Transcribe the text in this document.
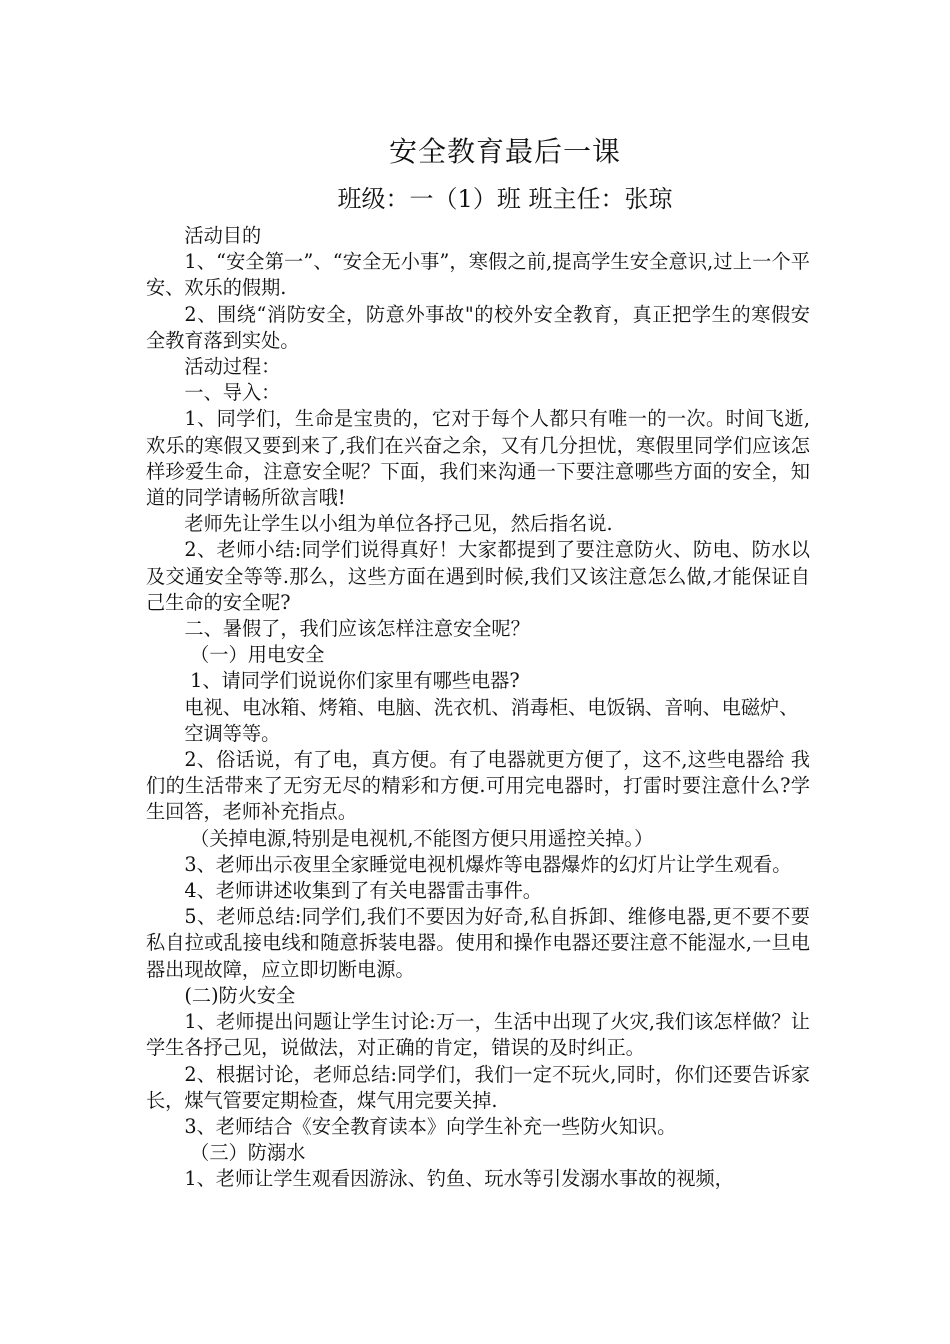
安全教育最后一课
班级：一（1）班 班主任：张琼

活动目的

1、“安全第一”、“安全无小事”，寒假之前,提高学生安全意识,过上一个平安、欢乐的假期.

2、围绕“消防安全，防意外事故"的校外安全教育，真正把学生的寒假安全教育落到实处。

活动过程：

一、导入：

1、同学们，生命是宝贵的，它对于每个人都只有唯一的一次。时间飞逝,欢乐的寒假又要到来了,我们在兴奋之余，又有几分担忧，寒假里同学们应该怎样珍爱生命，注意安全呢？下面，我们来沟通一下要注意哪些方面的安全，知道的同学请畅所欲言哦!

老师先让学生以小组为单位各抒己见，然后指名说.

2、老师小结:同学们说得真好！大家都提到了要注意防火、防电、防水以及交通安全等等.那么，这些方面在遇到时候,我们又该注意怎么做,才能保证自己生命的安全呢?

二、暑假了，我们应该怎样注意安全呢？

（一）用电安全

1、请同学们说说你们家里有哪些电器?

电视、电冰箱、烤箱、电脑、洗衣机、消毒柜、电饭锅、音响、电磁炉、

空调等等。

2、俗话说，有了电，真方便。有了电器就更方便了，这不,这些电器给 我们的生活带来了无穷无尽的精彩和方便.可用完电器时，打雷时要注意什么?学生回答，老师补充指点。

（关掉电源,特别是电视机,不能图方便只用遥控关掉。）

3、老师出示夜里全家睡觉电视机爆炸等电器爆炸的幻灯片让学生观看。

4、老师讲述收集到了有关电器雷击事件。

5、老师总结:同学们,我们不要因为好奇,私自拆卸、维修电器,更不要不要私自拉或乱接电线和随意拆装电器。使用和操作电器还要注意不能湿水,一旦电器出现故障，应立即切断电源。

(二)防火安全

1、老师提出问题让学生讨论:万一，生活中出现了火灾,我们该怎样做？让学生各抒己见，说做法，对正确的肯定，错误的及时纠正。

2、根据讨论，老师总结:同学们，我们一定不玩火,同时，你们还要告诉家长，煤气管要定期检查，煤气用完要关掉.

3、老师结合《安全教育读本》向学生补充一些防火知识。

（三）防溺水

1、老师让学生观看因游泳、钓鱼、玩水等引发溺水事故的视频，
